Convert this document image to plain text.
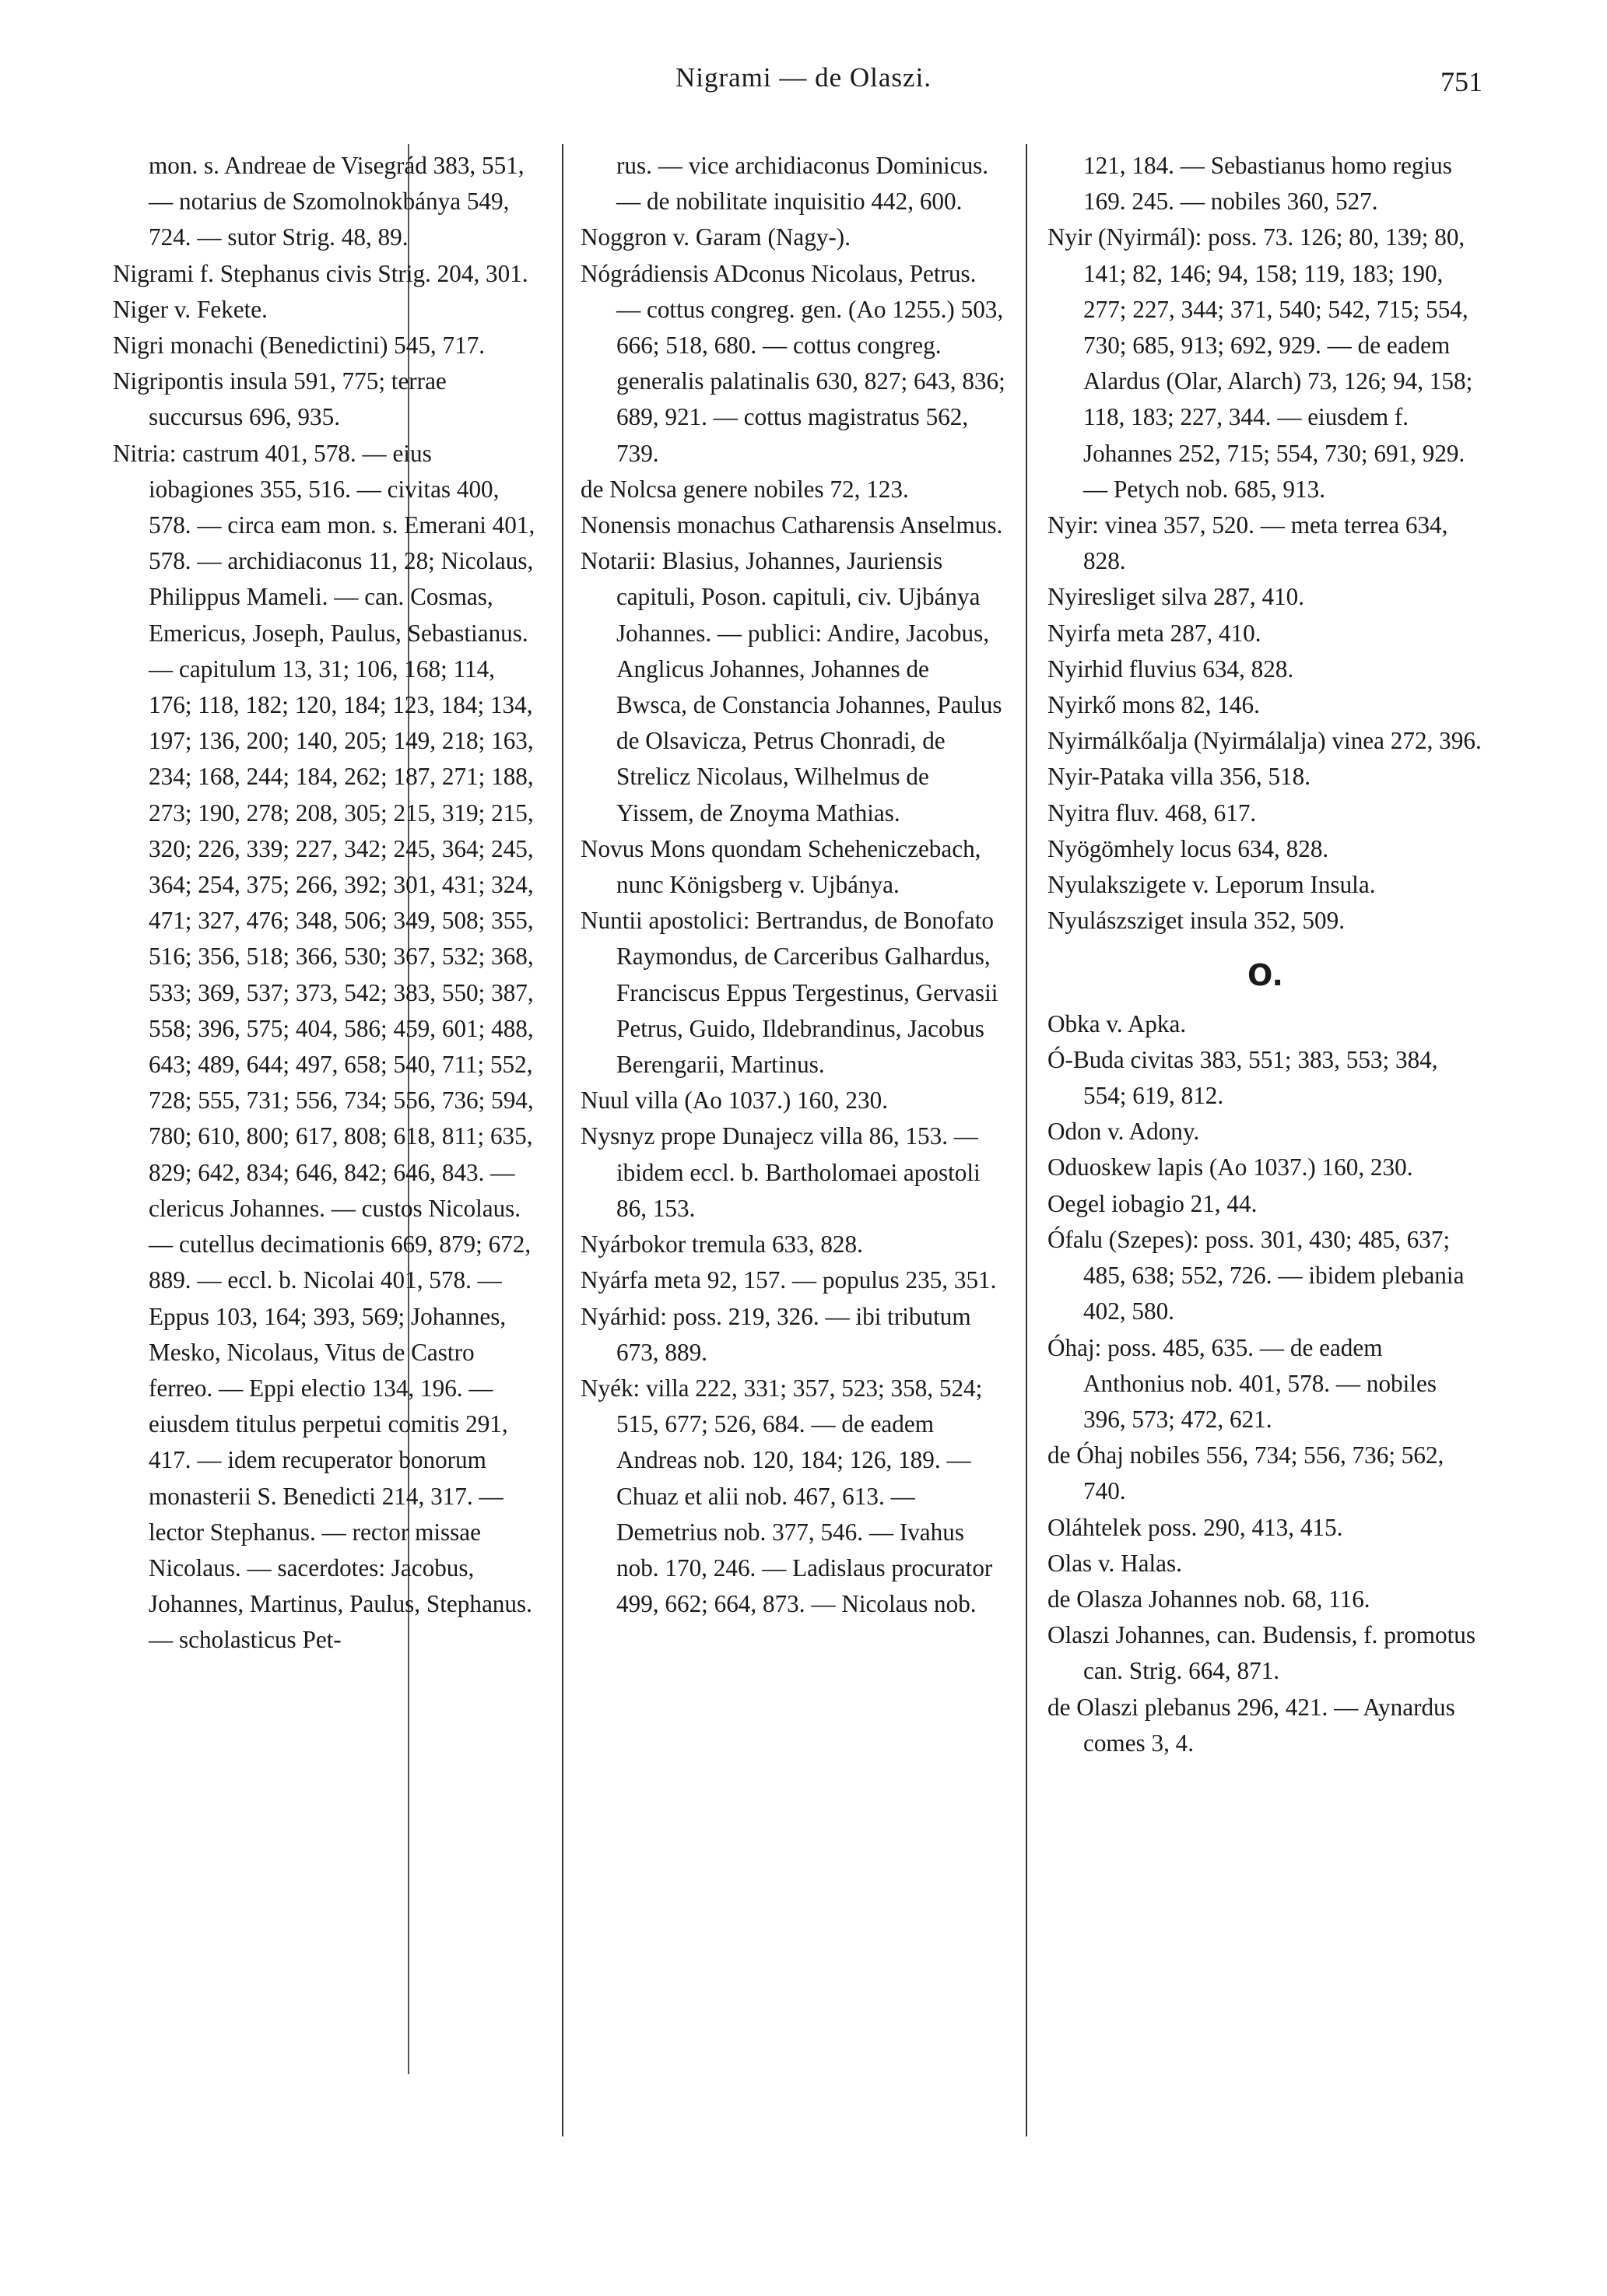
Nigrami — de Olaszi.	751

mon. s. Andreae de Visegrád 383, 551, — notarius de Szomolnokbánya 549, 724. — sutor Strig. 48, 89.

Nigrami f. Stephanus civis Strig. 204, 301.

Niger v. Fekete.

Nigri monachi (Benedictini) 545, 717.

Nigripontis insula 591, 775; terrae succursus 696, 935.

Nitria: castrum 401, 578. — eius iobagiones 355, 516. — civitas 400, 578. — circa eam mon. s. Emerani 401, 578. — archidiaconus 11, 28; Nicolaus, Philippus Mameli. — can. Cosmas, Emericus, Joseph, Paulus, Sebastianus. — capitulum 13, 31; 106, 168; 114, 176; 118, 182; 120, 184; 123, 184; 134, 197; 136, 200; 140, 205; 149, 218; 163, 234; 168, 244; 184, 262; 187, 271; 188, 273; 190, 278; 208, 305; 215, 319; 215, 320; 226, 339; 227, 342; 245, 364; 245, 364; 254, 375; 266, 392; 301, 431; 324, 471; 327, 476; 348, 506; 349, 508; 355, 516; 356, 518; 366, 530; 367, 532; 368, 533; 369, 537; 373, 542; 383, 550; 387, 558; 396, 575; 404, 586; 459, 601; 488, 643; 489, 644; 497, 658; 540, 711; 552, 728; 555, 731; 556, 734; 556, 736; 594, 780; 610, 800; 617, 808; 618, 811; 635, 829; 642, 834; 646, 842; 646, 843. — clericus Johannes. — custos Nicolaus. — cutellus decimationis 669, 879; 672, 889. — eccl. b. Nicolai 401, 578. — Eppus 103, 164; 393, 569; Johannes, Mesko, Nicolaus, Vitus de Castro ferreo. — Eppi electio 134, 196. — eiusdem titulus perpetui comitis 291, 417. — idem recuperator bonorum monasterii S. Benedicti 214, 317. — lector Stephanus. — rector missae Nicolaus. — sacerdotes: Jacobus, Johannes, Martinus, Paulus, Stephanus. — scholasticus Pet-

rus. — vice archidiaconus Dominicus. — de nobilitate inquisitio 442, 600.

Noggron v. Garam (Nagy-).

Nógrádiensis ADconus Nicolaus, Petrus. — cottus congreg. gen. (Ao 1255.) 503, 666; 518, 680. — cottus congreg. generalis palatinalis 630, 827; 643, 836; 689, 921. — cottus magistratus 562, 739.

de Nolcsa genere nobiles 72, 123.

Nonensis monachus Catharensis Anselmus.

Notarii: Blasius, Johannes, Jauriensis capituli, Poson. capituli, civ. Ujbánya Johannes. — publici: Andire, Jacobus, Anglicus Johannes, Johannes de Bwsca, de Constancia Johannes, Paulus de Olsavicza, Petrus Chonradi, de Strelicz Nicolaus, Wilhelmus de Yissem, de Znoyma Mathias.

Novus Mons quondam Scheheniczebach, nunc Königsberg v. Ujbánya.

Nuntii apostolici: Bertrandus, de Bonofato Raymondus, de Carceribus Galhardus, Franciscus Eppus Tergestinus, Gervasii Petrus, Guido, Ildebrandinus, Jacobus Berengarii, Martinus.

Nuul villa (Ao 1037.) 160, 230.

Nysnyz prope Dunajecz villa 86, 153. — ibidem eccl. b. Bartholomaei apostoli 86, 153.

Nyárbokor tremula 633, 828.

Nyárfa meta 92, 157. — populus 235, 351.

Nyárhid: poss. 219, 326. — ibi tributum 673, 889.

Nyék: villa 222, 331; 357, 523; 358, 524; 515, 677; 526, 684. — de eadem Andreas nob. 120, 184; 126, 189. — Chuaz et alii nob. 467, 613. — Demetrius nob. 377, 546. — Ivahus nob. 170, 246. — Ladislaus procurator 499, 662; 664, 873. — Nicolaus nob.

121, 184. — Sebastianus homo regius 169. 245. — nobiles 360, 527.

Nyir (Nyirmál): poss. 73. 126; 80, 139; 80, 141; 82, 146; 94, 158; 119, 183; 190, 277; 227, 344; 371, 540; 542, 715; 554, 730; 685, 913; 692, 929. — de eadem Alardus (Olar, Alarch) 73, 126; 94, 158; 118, 183; 227, 344. — eiusdem f. Johannes 252, 715; 554, 730; 691, 929. — Petych nob. 685, 913.

Nyir: vinea 357, 520. — meta terrea 634, 828.

Nyiresliget silva 287, 410.

Nyirfa meta 287, 410.

Nyirhid fluvius 634, 828.

Nyirkő mons 82, 146.

Nyirmálkőalja (Nyirmálalja) vinea 272, 396.

Nyir-Pataka villa 356, 518.

Nyitra fluv. 468, 617.

Nyögömhely locus 634, 828.

Nyulakszigete v. Leporum Insula.

Nyulászsziget insula 352, 509.

O.

Obka v. Apka.

Ó-Buda civitas 383, 551; 383, 553; 384, 554; 619, 812.

Odon v. Adony.

Oduoskew lapis (Ao 1037.) 160, 230.

Oegel iobagio 21, 44.

Ófalu (Szepes): poss. 301, 430; 485, 637; 485, 638; 552, 726. — ibidem plebania 402, 580.

Óhaj: poss. 485, 635. — de eadem Anthonius nob. 401, 578. — nobiles 396, 573; 472, 621.

de Óhaj nobiles 556, 734; 556, 736; 562, 740.

Oláhtelek poss. 290, 413, 415.

Olas v. Halas.

de Olasza Johannes nob. 68, 116.

Olaszi Johannes, can. Budensis, f. promotus can. Strig. 664, 871.

de Olaszi plebanus 296, 421. — Aynardus comes 3, 4.
